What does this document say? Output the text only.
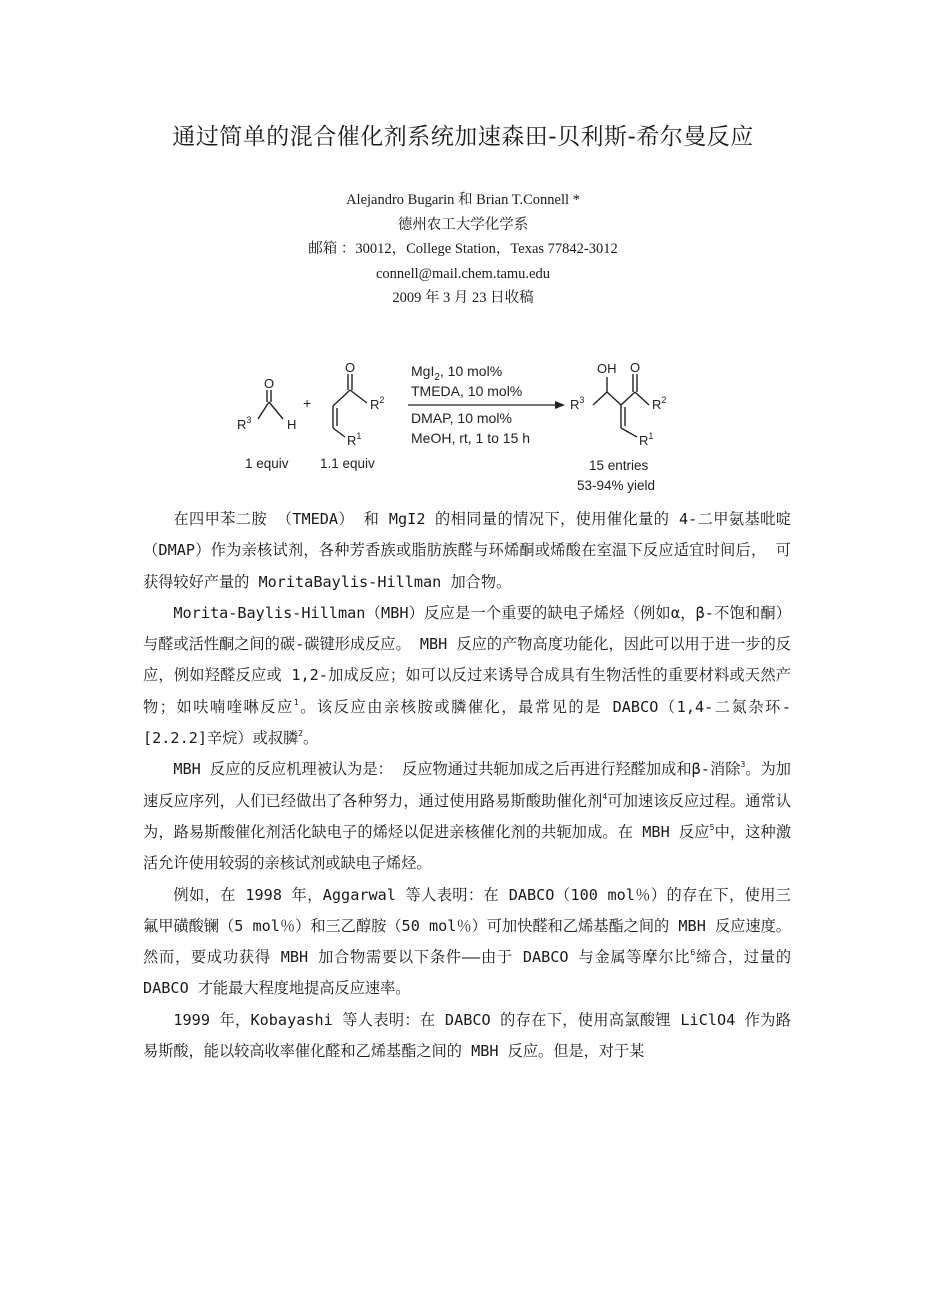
通过简单的混合催化剂系统加速森田-贝利斯-希尔曼反应
Alejandro Bugarin 和 Brian T.Connell *
德州农工大学化学系
邮箱 ：30012，College Station，Texas 77842-3012
connell@mail.chem.tamu.edu
2009 年 3 月 23 日收稿
O
$R^3$	H
1 equiv
+
O
$R^2$
$R^1$
1.1 equiv
MgI$_2$, 10 mol%
TMEDA, 10 mol%
DMAP, 10 mol%
MeOH, rt, 1 to 15 h
OH O
$R^3$	$R^2$
$R^1$
15 entries
53-94% yield

在四甲苯二胺 （TMEDA） 和 MgI2 的相同量的情况下，使用催化量的 4-二甲氨基吡啶（DMAP）作为亲核试剂，各种芳香族或脂肪族醛与环烯酮或烯酸在室温下反应适宜时间后， 可获得较好产量的 MoritaBaylis-Hillman 加合物。

Morita-Baylis-Hillman（MBH）反应是一个重要的缺电子烯烃（例如α，β-不饱和酮）与醛或活性酮之间的碳-碳键形成反应。 MBH 反应的产物高度功能化，因此可以用于进一步的反应，例如羟醛反应或 1,2-加成反应；如可以反过来诱导合成具有生物活性的重要材料或天然产物；如呋喃喹啉反应$^1$。该反应由亲核胺或膦催化，最常见的是 DABCO（1,4-二氮杂环-[2.2.2]辛烷）或叔膦$^2$。

MBH 反应的反应机理被认为是： 反应物通过共轭加成之后再进行羟醛加成和β-消除$^3$。为加速反应序列，人们已经做出了各种努力，通过使用路易斯酸助催化剂$^4$可加速该反应过程。通常认为，路易斯酸催化剂活化缺电子的烯烃以促进亲核催化剂的共轭加成。在 MBH 反应$^5$中，这种激活允许使用较弱的亲核试剂或缺电子烯烃。

例如，在 1998 年，Aggarwal 等人表明：在 DABCO（100 mol％）的存在下，使用三氟甲磺酸镧（5 mol％）和三乙醇胺（50 mol％）可加快醛和乙烯基酯之间的 MBH 反应速度。然而，要成功获得 MBH 加合物需要以下条件——由于 DABCO 与金属等摩尔比$^6$缔合，过量的 DABCO 才能最大程度地提高反应速率。

1999 年，Kobayashi 等人表明：在 DABCO 的存在下，使用高氯酸锂 LiClO4 作为路易斯酸，能以较高收率催化醛和乙烯基酯之间的 MBH 反应。但是，对于某
